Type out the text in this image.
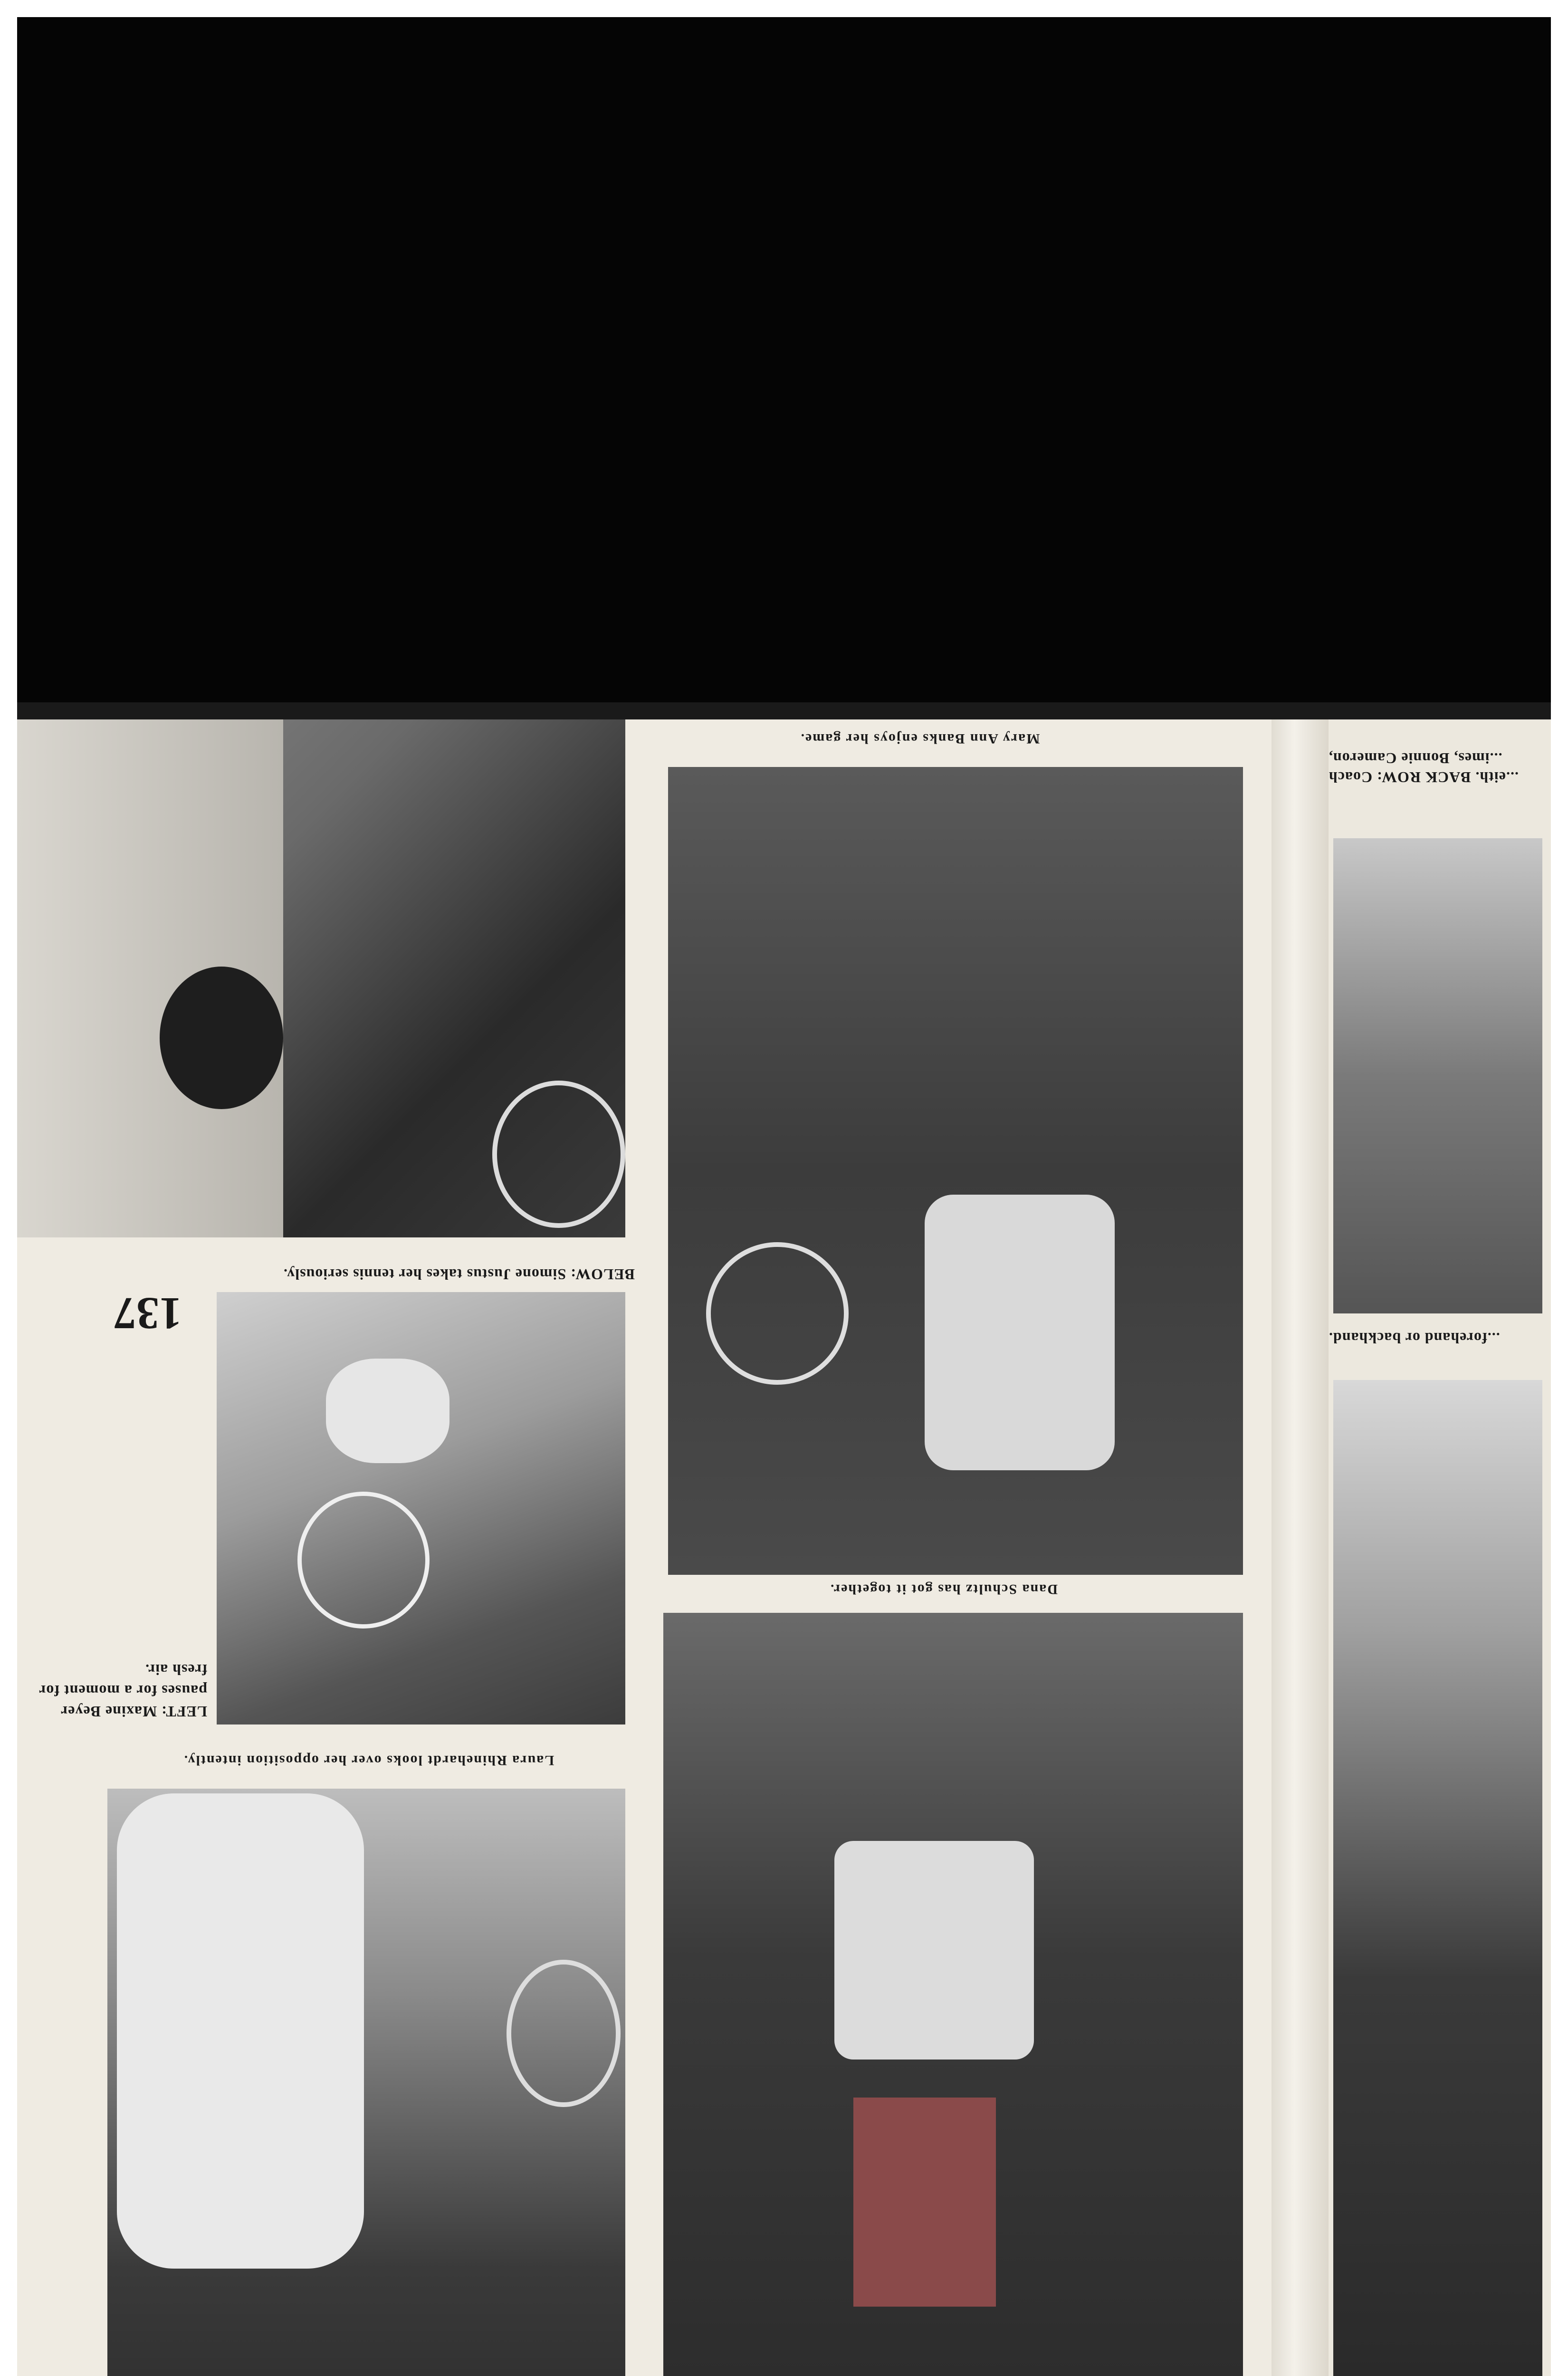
137
BELOW: Simone Justus takes her tennis seriously.
LEFT: Maxine Beyer pauses for a moment for fresh air.
Laura Rhinehardt looks over her opposition intently.
Mary Ann Banks enjoys her game.
Dana Schultz has got it together.
...eith. BACK ROW: Coach
...imes, Bonnie Cameron,
...forehand or backhand.
